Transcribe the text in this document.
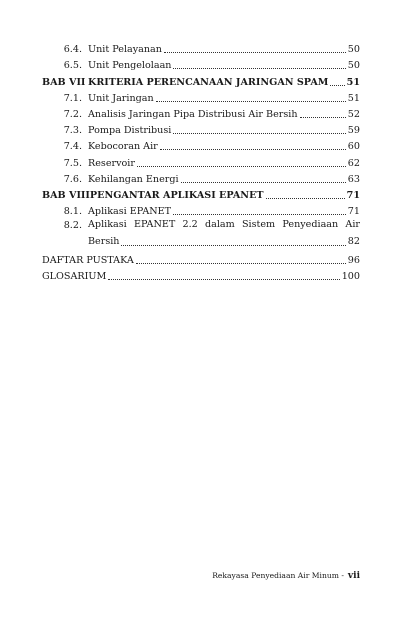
6.4. Unit Pelayanan	50
6.5. Unit Pengelolaan	50
BAB VII KRITERIA PERENCANAAN JARINGAN SPAM 51
7.1. Unit Jaringan	51
7.2. Analisis Jaringan Pipa Distribusi Air Bersih	52
7.3. Pompa Distribusi	59
7.4. Kebocoran Air	60
7.5. Reservoir	62
7.6. Kehilangan Energi	63
BAB VIII PENGANTAR APLIKASI EPANET	71
8.1. Aplikasi EPANET	71
8.2. Aplikasi EPANET 2.2 dalam Sistem Penyediaan Air
Bersih	82
DAFTAR PUSTAKA	96
GLOSARIUM	100
Rekayasa Penyediaan Air Minum - vii
